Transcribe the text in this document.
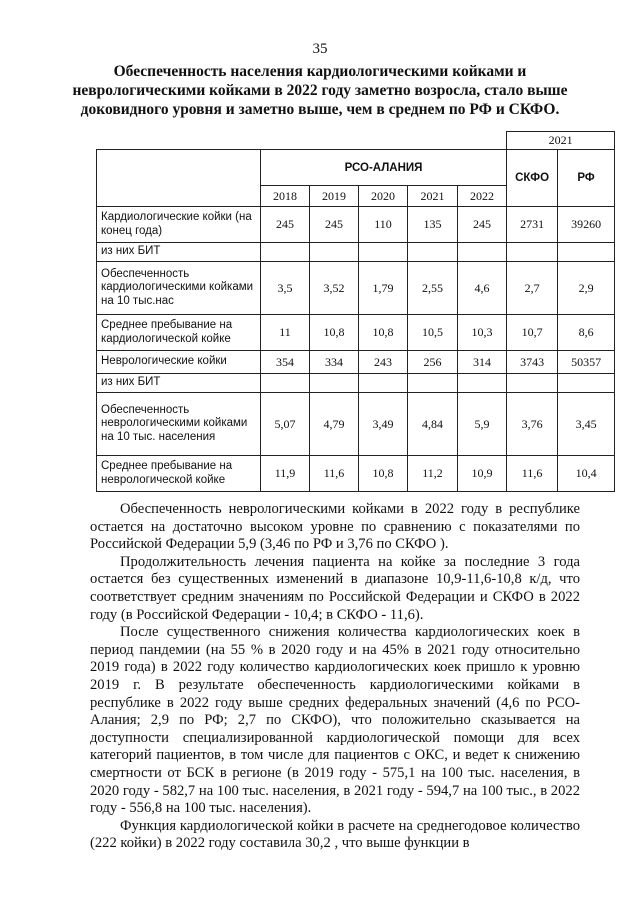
35
Обеспеченность населения кардиологическими койками и неврологическими койками в 2022 году заметно возросла, стало выше доковидного уровня и заметно выше, чем в среднем по РФ и СКФО.
						2021	
	РСО-АЛАНИЯ					СКФО	РФ
	2018	2019	2020	2021	2022		
Кардиологические койки (на конец года)	245	245	110	135	245	2731	39260
из них БИТ							
Обеспеченность кардиологическими койками на 10 тыс.нас	3,5	3,52	1,79	2,55	4,6	2,7	2,9
Среднее пребывание на кардиологической койке	11	10,8	10,8	10,5	10,3	10,7	8,6
Неврологические койки	354	334	243	256	314	3743	50357
из них БИТ							
Обеспеченность неврологическими койками на 10 тыс. населения	5,07	4,79	3,49	4,84	5,9	3,76	3,45
Среднее пребывание на неврологической койке	11,9	11,6	10,8	11,2	10,9	11,6	10,4

Обеспеченность неврологическими койками в 2022 году в республике остается на достаточно высоком уровне по сравнению с показателями по Российской Федерации 5,9 (3,46 по РФ и 3,76 по СКФО ).

Продолжительность лечения пациента на койке за последние 3 года остается без существенных изменений в диапазоне 10,9-11,6-10,8 к/д, что соответствует средним значениям по Российской Федерации и СКФО в 2022 году (в Российской Федерации - 10,4; в СКФО - 11,6).

После существенного снижения количества кардиологических коек в период пандемии (на 55 % в 2020 году и на 45% в 2021 году относительно 2019 года) в 2022 году количество кардиологических коек пришло к уровню 2019 г. В результате обеспеченность кардиологическими койками в республике в 2022 году выше средних федеральных значений (4,6 по РСО-Алания; 2,9 по РФ; 2,7 по СКФО), что положительно сказывается на доступности специализированной кардиологической помощи для всех категорий пациентов, в том числе для пациентов с ОКС, и ведет к снижению смертности от БСК в регионе (в 2019 году - 575,1 на 100 тыс. населения, в 2020 году - 582,7 на 100 тыс. населения, в 2021 году - 594,7 на 100 тыс., в 2022 году - 556,8 на 100 тыс. населения).

Функция кардиологической койки в расчете на среднегодовое количество (222 койки) в 2022 году составила 30,2 , что выше функции в
